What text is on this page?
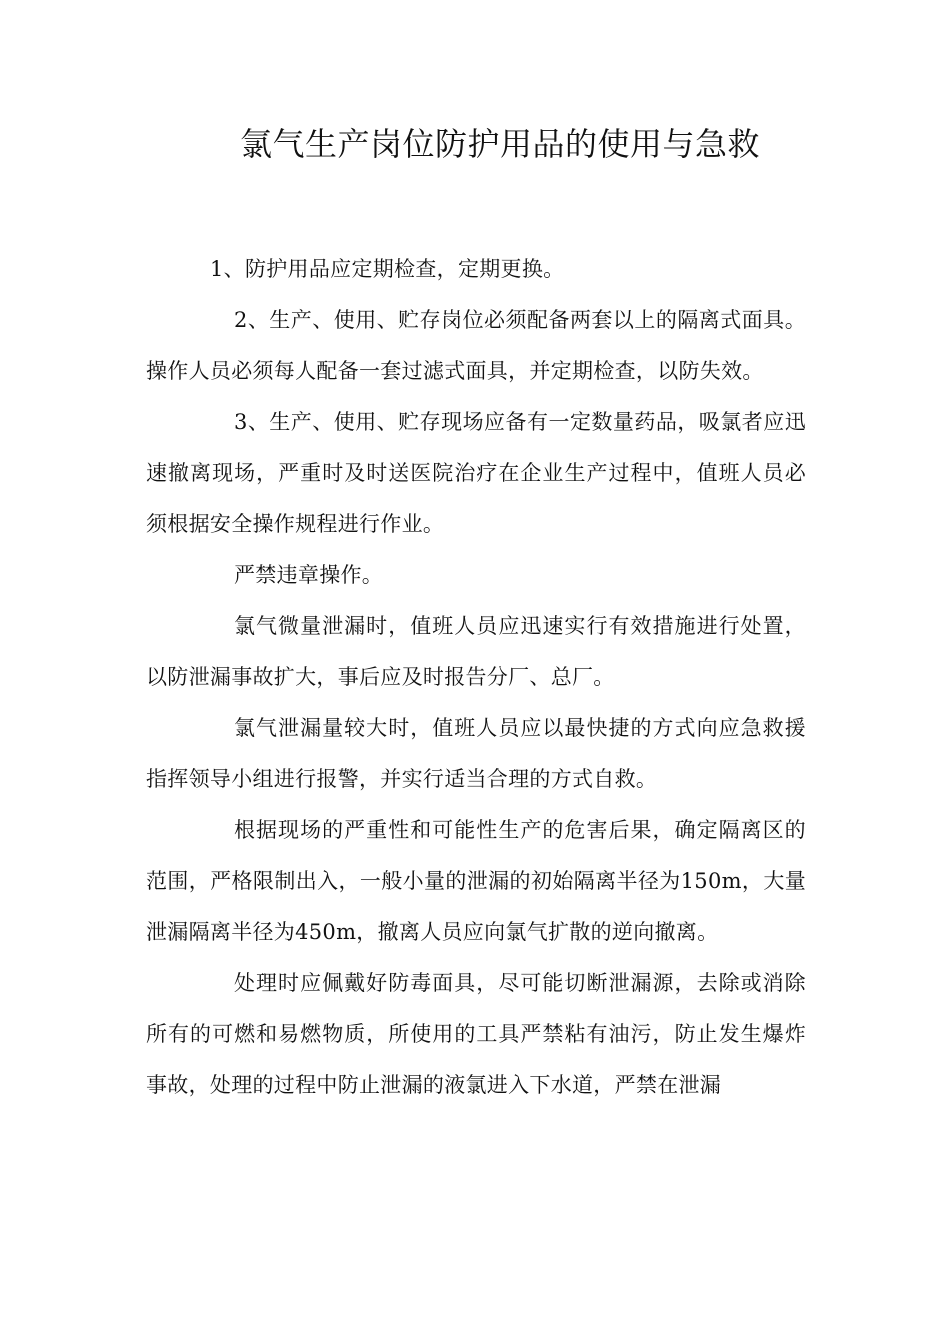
氯气生产岗位防护用品的使用与急救

1、防护用品应定期检查，定期更换。

2、生产、使用、贮存岗位必须配备两套以上的隔离式面具。操作人员必须每人配备一套过滤式面具，并定期检查，以防失效。

3、生产、使用、贮存现场应备有一定数量药品，吸氯者应迅速撤离现场，严重时及时送医院治疗在企业生产过程中，值班人员必须根据安全操作规程进行作业。

严禁违章操作。

氯气微量泄漏时，值班人员应迅速实行有效措施进行处置，以防泄漏事故扩大，事后应及时报告分厂、总厂。

氯气泄漏量较大时，值班人员应以最快捷的方式向应急救援指挥领导小组进行报警，并实行适当合理的方式自救。

根据现场的严重性和可能性生产的危害后果，确定隔离区的范围，严格限制出入，一般小量的泄漏的初始隔离半径为150m，大量泄漏隔离半径为450m，撤离人员应向氯气扩散的逆向撤离。

处理时应佩戴好防毒面具，尽可能切断泄漏源，去除或消除所有的可燃和易燃物质，所使用的工具严禁粘有油污，防止发生爆炸事故，处理的过程中防止泄漏的液氯进入下水道，严禁在泄漏
